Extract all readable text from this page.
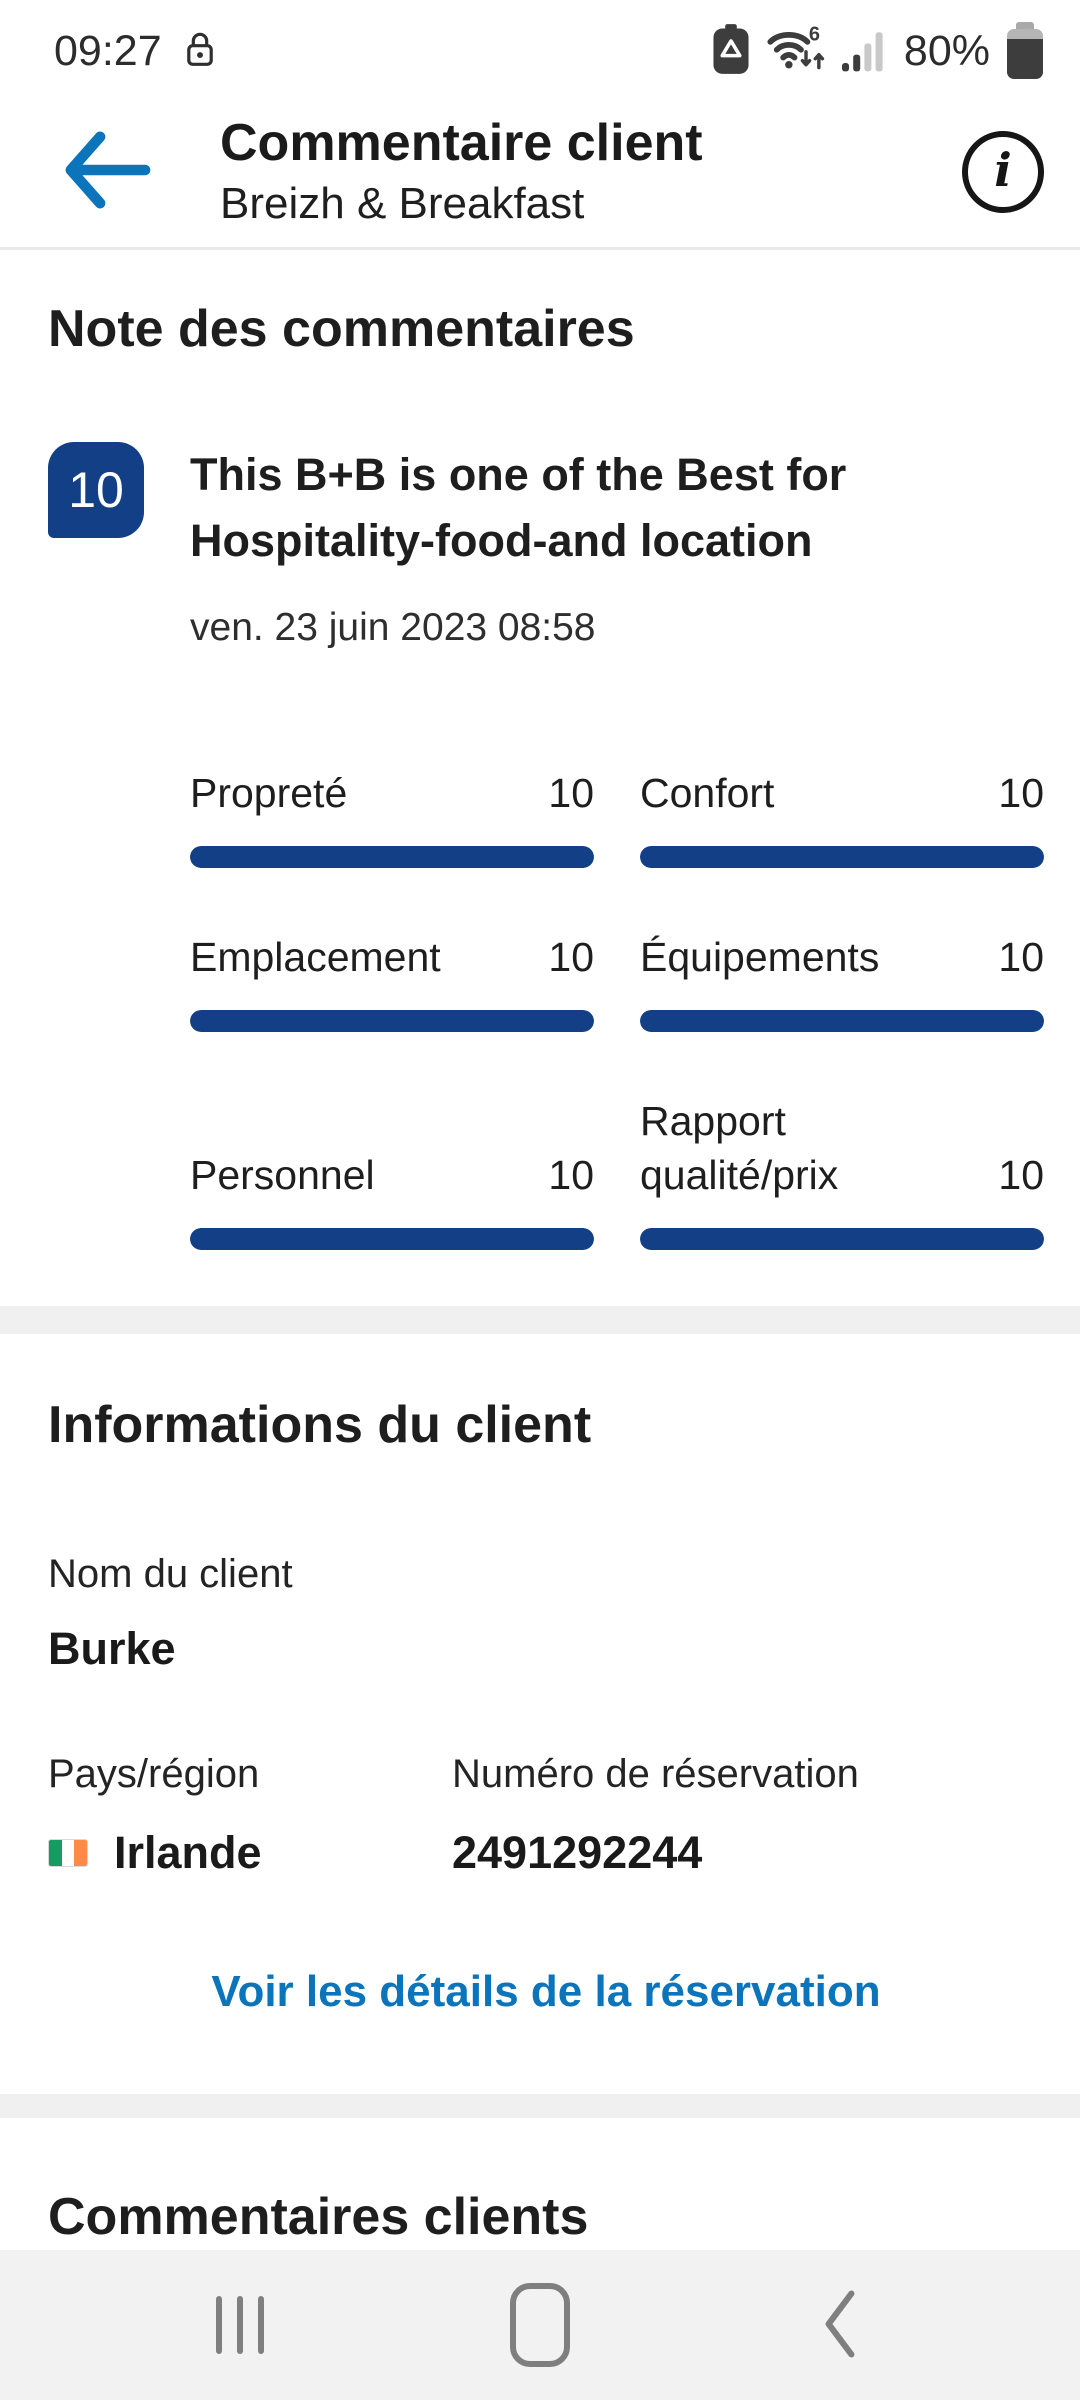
09:27	6 80%
Commentaire client
Breizh & Breakfast
i
Note des commentaires
10	This B+B is one of the Best for Hospitality-food-and location
ven. 23 juin 2023 08:58
Propreté	10 Confort	10
Emplacement	10 Équipements	10
Personnel	10
Rapport qualité/prix	10
Informations du client
Nom du client
Burke
Pays/région
Irlande
Numéro de réservation
2491292244
Voir les détails de la réservation
Commentaires clients
